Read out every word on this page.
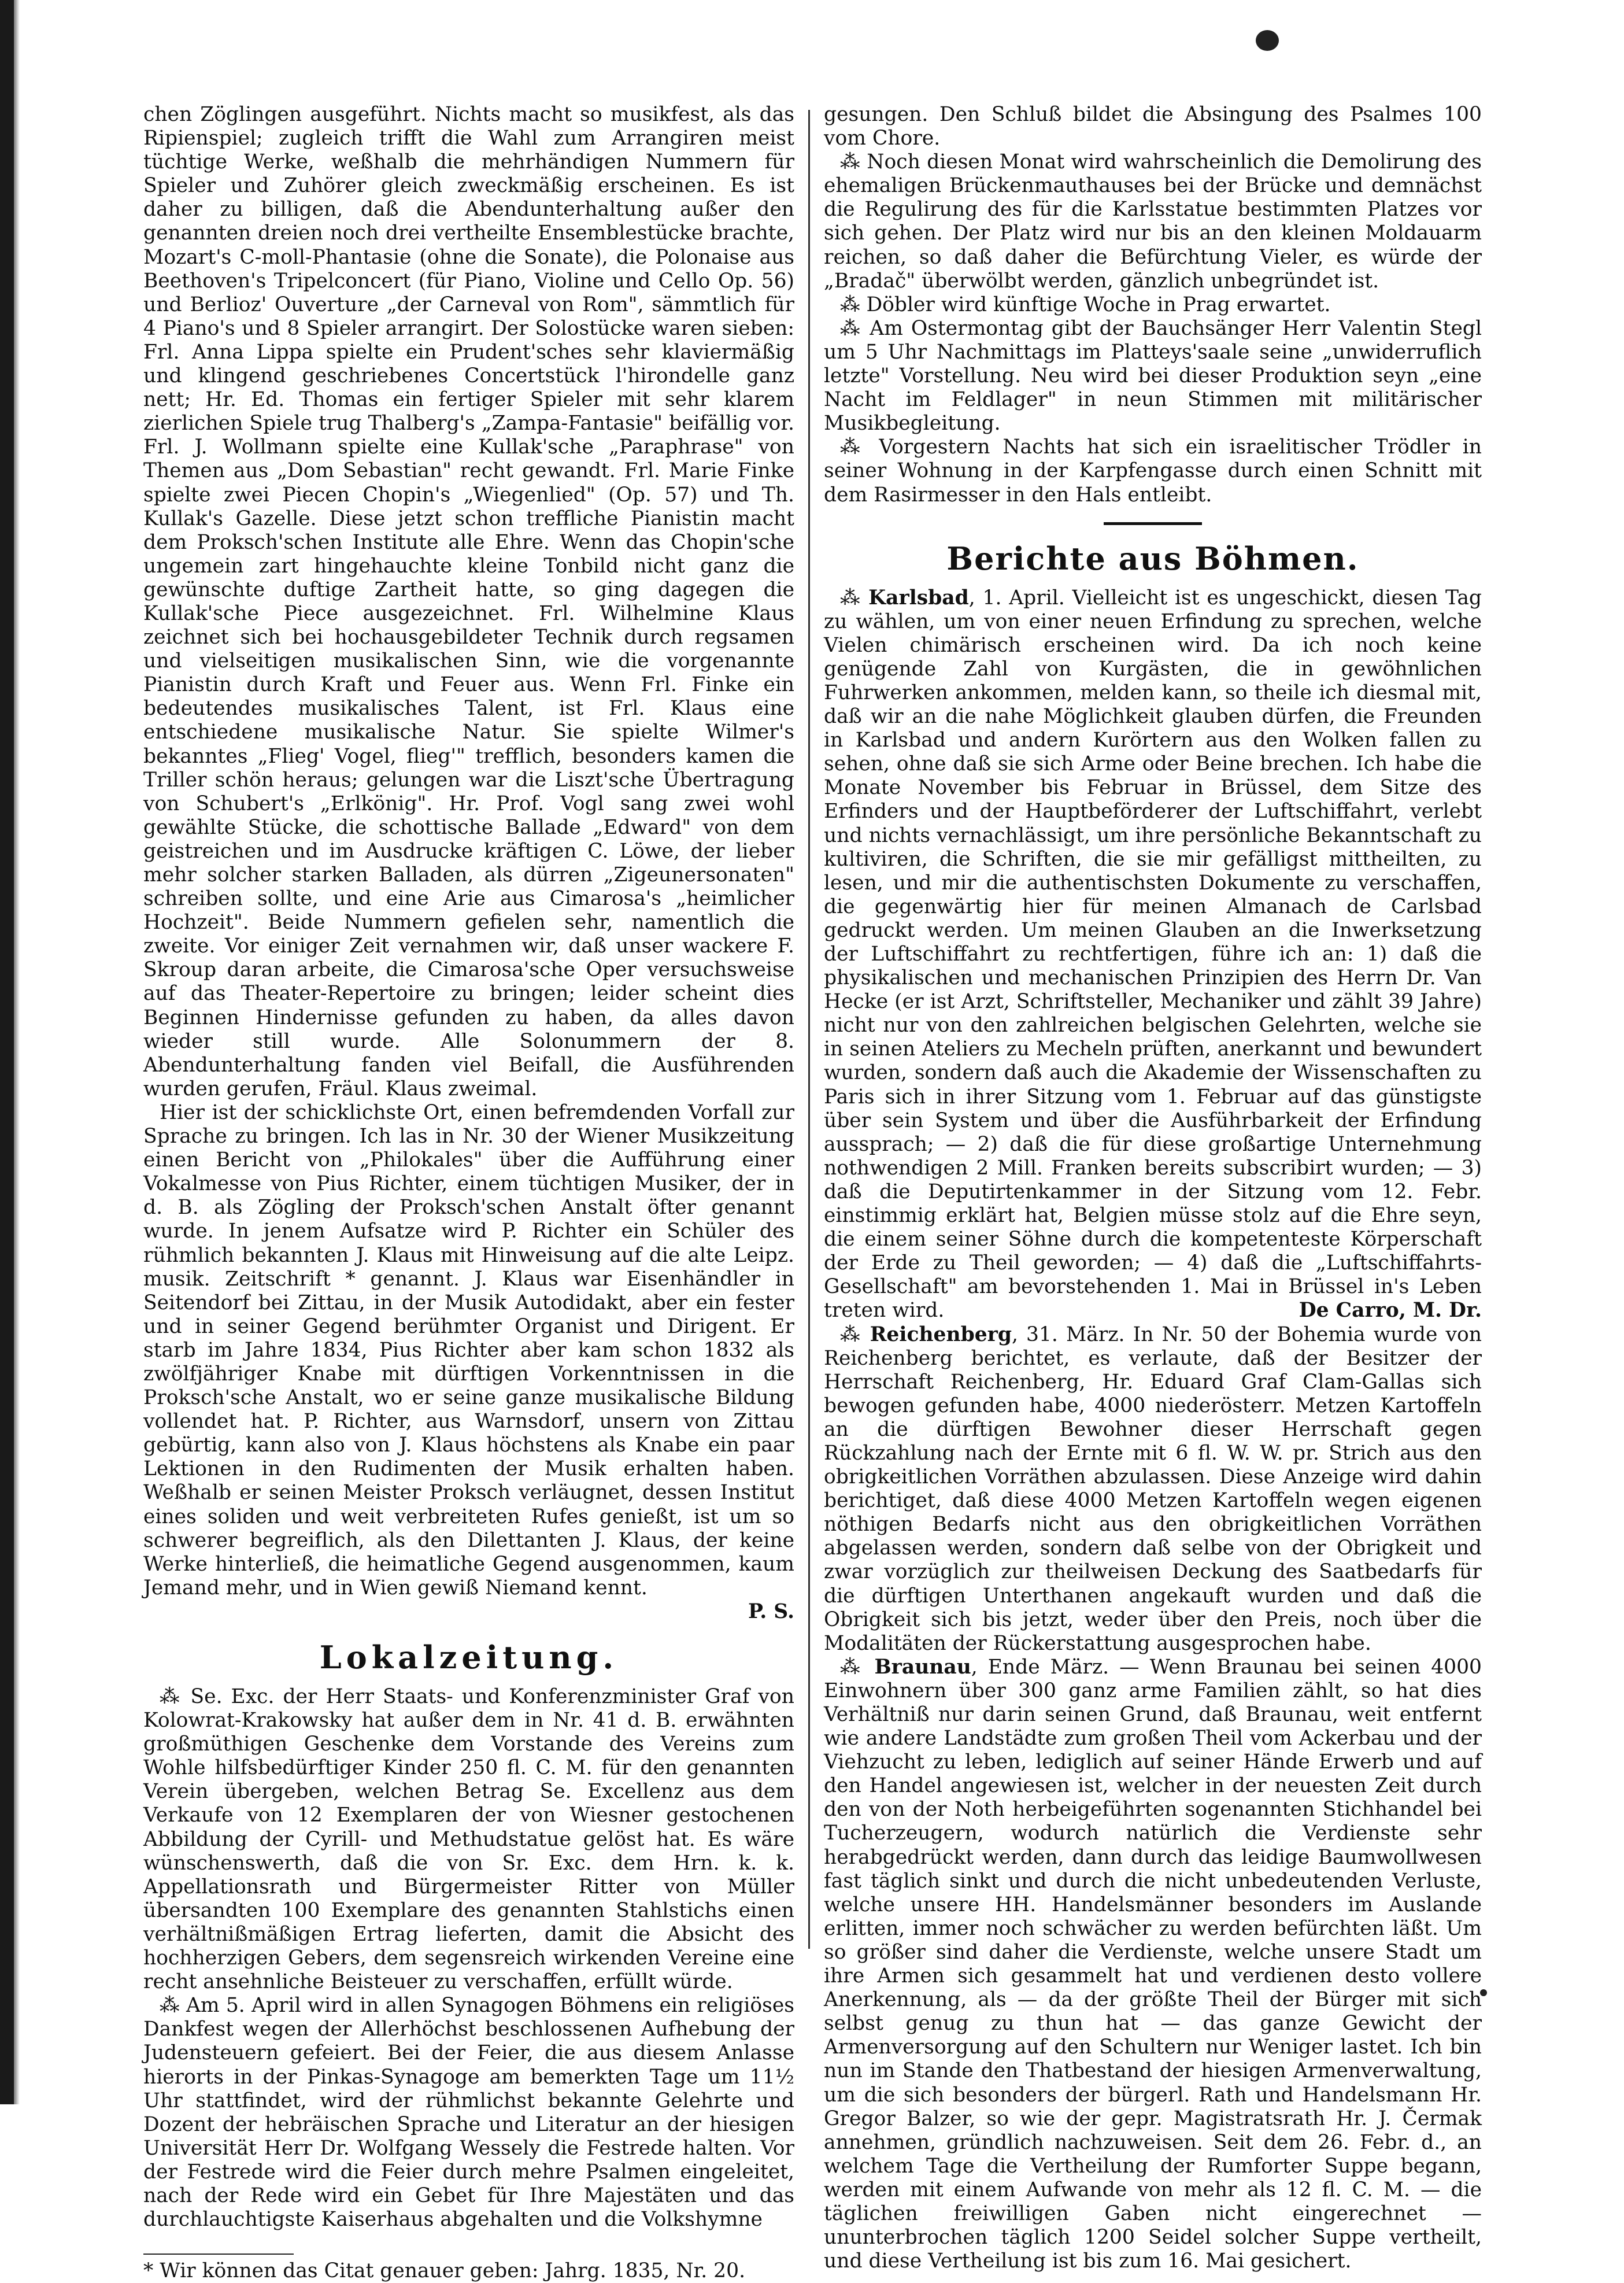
chen Zöglingen ausgeführt. Nichts macht so musikfest, als das Ripienspiel; zugleich trifft die Wahl zum Arrangiren meist tüchtige Werke, weßhalb die mehrhändigen Nummern für Spieler und Zuhörer gleich zweckmäßig erscheinen. Es ist daher zu billigen, daß die Abendunterhaltung außer den genannten dreien noch drei vertheilte Ensemblestücke brachte, Mozart's C-moll-Phantasie (ohne die Sonate), die Polonaise aus Beethoven's Tripelconcert (für Piano, Violine und Cello Op. 56) und Berlioz' Ouverture „der Carneval von Rom", sämmtlich für 4 Piano's und 8 Spieler arrangirt. Der Solostücke waren sieben: Frl. Anna Lippa spielte ein Prudent'sches sehr klaviermäßig und klingend geschriebenes Concertstück l'hirondelle ganz nett; Hr. Ed. Thomas ein fertiger Spieler mit sehr klarem zierlichen Spiele trug Thalberg's „Zampa-Fantasie" beifällig vor. Frl. J. Wollmann spielte eine Kullak'sche „Paraphrase" von Themen aus „Dom Sebastian" recht gewandt. Frl. Marie Finke spielte zwei Piecen Chopin's „Wiegenlied" (Op. 57) und Th. Kullak's Gazelle. Diese jetzt schon treffliche Pianistin macht dem Proksch'schen Institute alle Ehre. Wenn das Chopin'sche ungemein zart hingehauchte kleine Tonbild nicht ganz die gewünschte duftige Zartheit hatte, so ging dagegen die Kullak'sche Piece ausgezeichnet. Frl. Wilhelmine Klaus zeichnet sich bei hochausgebildeter Technik durch regsamen und vielseitigen musikalischen Sinn, wie die vorgenannte Pianistin durch Kraft und Feuer aus. Wenn Frl. Finke ein bedeutendes musikalisches Talent, ist Frl. Klaus eine entschiedene musikalische Natur. Sie spielte Wilmer's bekanntes „Flieg' Vogel, flieg'" trefflich, besonders kamen die Triller schön heraus; gelungen war die Liszt'sche Übertragung von Schubert's „Erlkönig". Hr. Prof. Vogl sang zwei wohl gewählte Stücke, die schottische Ballade „Edward" von dem geistreichen und im Ausdrucke kräftigen C. Löwe, der lieber mehr solcher starken Balladen, als dürren „Zigeunersonaten" schreiben sollte, und eine Arie aus Cimarosa's „heimlicher Hochzeit". Beide Nummern gefielen sehr, namentlich die zweite. Vor einiger Zeit vernahmen wir, daß unser wackere F. Skroup daran arbeite, die Cimarosa'sche Oper versuchsweise auf das Theater-Repertoire zu bringen; leider scheint dies Beginnen Hindernisse gefunden zu haben, da alles davon wieder still wurde. Alle Solonummern der 8. Abendunterhaltung fanden viel Beifall, die Ausführenden wurden gerufen, Fräul. Klaus zweimal.

Hier ist der schicklichste Ort, einen befremdenden Vorfall zur Sprache zu bringen. Ich las in Nr. 30 der Wiener Musikzeitung einen Bericht von „Philokales" über die Aufführung einer Vokalmesse von Pius Richter, einem tüchtigen Musiker, der in d. B. als Zögling der Proksch'schen Anstalt öfter genannt wurde. In jenem Aufsatze wird P. Richter ein Schüler des rühmlich bekannten J. Klaus mit Hinweisung auf die alte Leipz. musik. Zeitschrift * genannt. J. Klaus war Eisenhändler in Seitendorf bei Zittau, in der Musik Autodidakt, aber ein fester und in seiner Gegend berühmter Organist und Dirigent. Er starb im Jahre 1834, Pius Richter aber kam schon 1832 als zwölfjähriger Knabe mit dürftigen Vorkenntnissen in die Proksch'sche Anstalt, wo er seine ganze musikalische Bildung vollendet hat. P. Richter, aus Warnsdorf, unsern von Zittau gebürtig, kann also von J. Klaus höchstens als Knabe ein paar Lektionen in den Rudimenten der Musik erhalten haben. Weßhalb er seinen Meister Proksch verläugnet, dessen Institut eines soliden und weit verbreiteten Rufes genießt, ist um so schwerer begreiflich, als den Dilettanten J. Klaus, der keine Werke hinterließ, die heimatliche Gegend ausgenommen, kaum Jemand mehr, und in Wien gewiß Niemand kennt.

P. S.
Lokalzeitung.

⁂ Se. Exc. der Herr Staats- und Konferenzminister Graf von Kolowrat-Krakowsky hat außer dem in Nr. 41 d. B. erwähnten großmüthigen Geschenke dem Vorstande des Vereins zum Wohle hilfsbedürftiger Kinder 250 fl. C. M. für den genannten Verein übergeben, welchen Betrag Se. Excellenz aus dem Verkaufe von 12 Exemplaren der von Wiesner gestochenen Abbildung der Cyrill- und Methudstatue gelöst hat. Es wäre wünschenswerth, daß die von Sr. Exc. dem Hrn. k. k. Appellationsrath und Bürgermeister Ritter von Müller übersandten 100 Exemplare des genannten Stahlstichs einen verhältnißmäßigen Ertrag lieferten, damit die Absicht des hochherzigen Gebers, dem segensreich wirkenden Vereine eine recht ansehnliche Beisteuer zu verschaffen, erfüllt würde.

⁂ Am 5. April wird in allen Synagogen Böhmens ein religiöses Dankfest wegen der Allerhöchst beschlossenen Aufhebung der Judensteuern gefeiert. Bei der Feier, die aus diesem Anlasse hierorts in der Pinkas-Synagoge am bemerkten Tage um 11½ Uhr stattfindet, wird der rühmlichst bekannte Gelehrte und Dozent der hebräischen Sprache und Literatur an der hiesigen Universität Herr Dr. Wolfgang Wessely die Festrede halten. Vor der Festrede wird die Feier durch mehre Psalmen eingeleitet, nach der Rede wird ein Gebet für Ihre Majestäten und das durchlauchtigste Kaiserhaus abgehalten und die Volkshymne

* Wir können das Citat genauer geben: Jahrg. 1835, Nr. 20.

gesungen. Den Schluß bildet die Absingung des Psalmes 100 vom Chore.

⁂ Noch diesen Monat wird wahrscheinlich die Demolirung des ehemaligen Brückenmauthauses bei der Brücke und demnächst die Regulirung des für die Karlsstatue bestimmten Platzes vor sich gehen. Der Platz wird nur bis an den kleinen Moldauarm reichen, so daß daher die Befürchtung Vieler, es würde der „Bradač" überwölbt werden, gänzlich unbegründet ist.

⁂ Döbler wird künftige Woche in Prag erwartet.

⁂ Am Ostermontag gibt der Bauchsänger Herr Valentin Stegl um 5 Uhr Nachmittags im Platteys'saale seine „unwiderruflich letzte" Vorstellung. Neu wird bei dieser Produktion seyn „eine Nacht im Feldlager" in neun Stimmen mit militärischer Musikbegleitung.

⁂ Vorgestern Nachts hat sich ein israelitischer Trödler in seiner Wohnung in der Karpfengasse durch einen Schnitt mit dem Rasirmesser in den Hals entleibt.

Berichte aus Böhmen.

⁂ Karlsbad, 1. April. Vielleicht ist es ungeschickt, diesen Tag zu wählen, um von einer neuen Erfindung zu sprechen, welche Vielen chimärisch erscheinen wird. Da ich noch keine genügende Zahl von Kurgästen, die in gewöhnlichen Fuhrwerken ankommen, melden kann, so theile ich diesmal mit, daß wir an die nahe Möglichkeit glauben dürfen, die Freunden in Karlsbad und andern Kurörtern aus den Wolken fallen zu sehen, ohne daß sie sich Arme oder Beine brechen. Ich habe die Monate November bis Februar in Brüssel, dem Sitze des Erfinders und der Hauptbeförderer der Luftschiffahrt, verlebt und nichts vernachlässigt, um ihre persönliche Bekanntschaft zu kultiviren, die Schriften, die sie mir gefälligst mittheilten, zu lesen, und mir die authentischsten Dokumente zu verschaffen, die gegenwärtig hier für meinen Almanach de Carlsbad gedruckt werden. Um meinen Glauben an die Inwerksetzung der Luftschiffahrt zu rechtfertigen, führe ich an: 1) daß die physikalischen und mechanischen Prinzipien des Herrn Dr. Van Hecke (er ist Arzt, Schriftsteller, Mechaniker und zählt 39 Jahre) nicht nur von den zahlreichen belgischen Gelehrten, welche sie in seinen Ateliers zu Mecheln prüften, anerkannt und bewundert wurden, sondern daß auch die Akademie der Wissenschaften zu Paris sich in ihrer Sitzung vom 1. Februar auf das günstigste über sein System und über die Ausführbarkeit der Erfindung aussprach; — 2) daß die für diese großartige Unternehmung nothwendigen 2 Mill. Franken bereits subscribirt wurden; — 3) daß die Deputirtenkammer in der Sitzung vom 12. Febr. einstimmig erklärt hat, Belgien müsse stolz auf die Ehre seyn, die einem seiner Söhne durch die kompetenteste Körperschaft der Erde zu Theil geworden; — 4) daß die „Luftschiffahrts-Gesellschaft" am bevorstehenden 1. Mai in Brüssel in's Leben treten wird.	De Carro, M. Dr.

⁂ Reichenberg, 31. März. In Nr. 50 der Bohemia wurde von Reichenberg berichtet, es verlaute, daß der Besitzer der Herrschaft Reichenberg, Hr. Eduard Graf Clam-Gallas sich bewogen gefunden habe, 4000 niederösterr. Metzen Kartoffeln an die dürftigen Bewohner dieser Herrschaft gegen Rückzahlung nach der Ernte mit 6 fl. W. W. pr. Strich aus den obrigkeitlichen Vorräthen abzulassen. Diese Anzeige wird dahin berichtiget, daß diese 4000 Metzen Kartoffeln wegen eigenen nöthigen Bedarfs nicht aus den obrigkeitlichen Vorräthen abgelassen werden, sondern daß selbe von der Obrigkeit und zwar vorzüglich zur theilweisen Deckung des Saatbedarfs für die dürftigen Unterthanen angekauft wurden und daß die Obrigkeit sich bis jetzt, weder über den Preis, noch über die Modalitäten der Rückerstattung ausgesprochen habe.

⁂ Braunau, Ende März. — Wenn Braunau bei seinen 4000 Einwohnern über 300 ganz arme Familien zählt, so hat dies Verhältniß nur darin seinen Grund, daß Braunau, weit entfernt wie andere Landstädte zum großen Theil vom Ackerbau und der Viehzucht zu leben, lediglich auf seiner Hände Erwerb und auf den Handel angewiesen ist, welcher in der neuesten Zeit durch den von der Noth herbeigeführten sogenannten Stichhandel bei Tucherzeugern, wodurch natürlich die Verdienste sehr herabgedrückt werden, dann durch das leidige Baumwollwesen fast täglich sinkt und durch die nicht unbedeutenden Verluste, welche unsere HH. Handelsmänner besonders im Auslande erlitten, immer noch schwächer zu werden befürchten läßt. Um so größer sind daher die Verdienste, welche unsere Stadt um ihre Armen sich gesammelt hat und verdienen desto vollere Anerkennung, als — da der größte Theil der Bürger mit sich selbst genug zu thun hat — das ganze Gewicht der Armenversorgung auf den Schultern nur Weniger lastet. Ich bin nun im Stande den Thatbestand der hiesigen Armenverwaltung, um die sich besonders der bürgerl. Rath und Handelsmann Hr. Gregor Balzer, so wie der gepr. Magistratsrath Hr. J. Čermak annehmen, gründlich nachzuweisen. Seit dem 26. Febr. d., an welchem Tage die Vertheilung der Rumforter Suppe begann, werden mit einem Aufwande von mehr als 12 fl. C. M. — die täglichen freiwilligen Gaben nicht eingerechnet — ununterbrochen täglich 1200 Seidel solcher Suppe vertheilt, und diese Vertheilung ist bis zum 16. Mai gesichert.
